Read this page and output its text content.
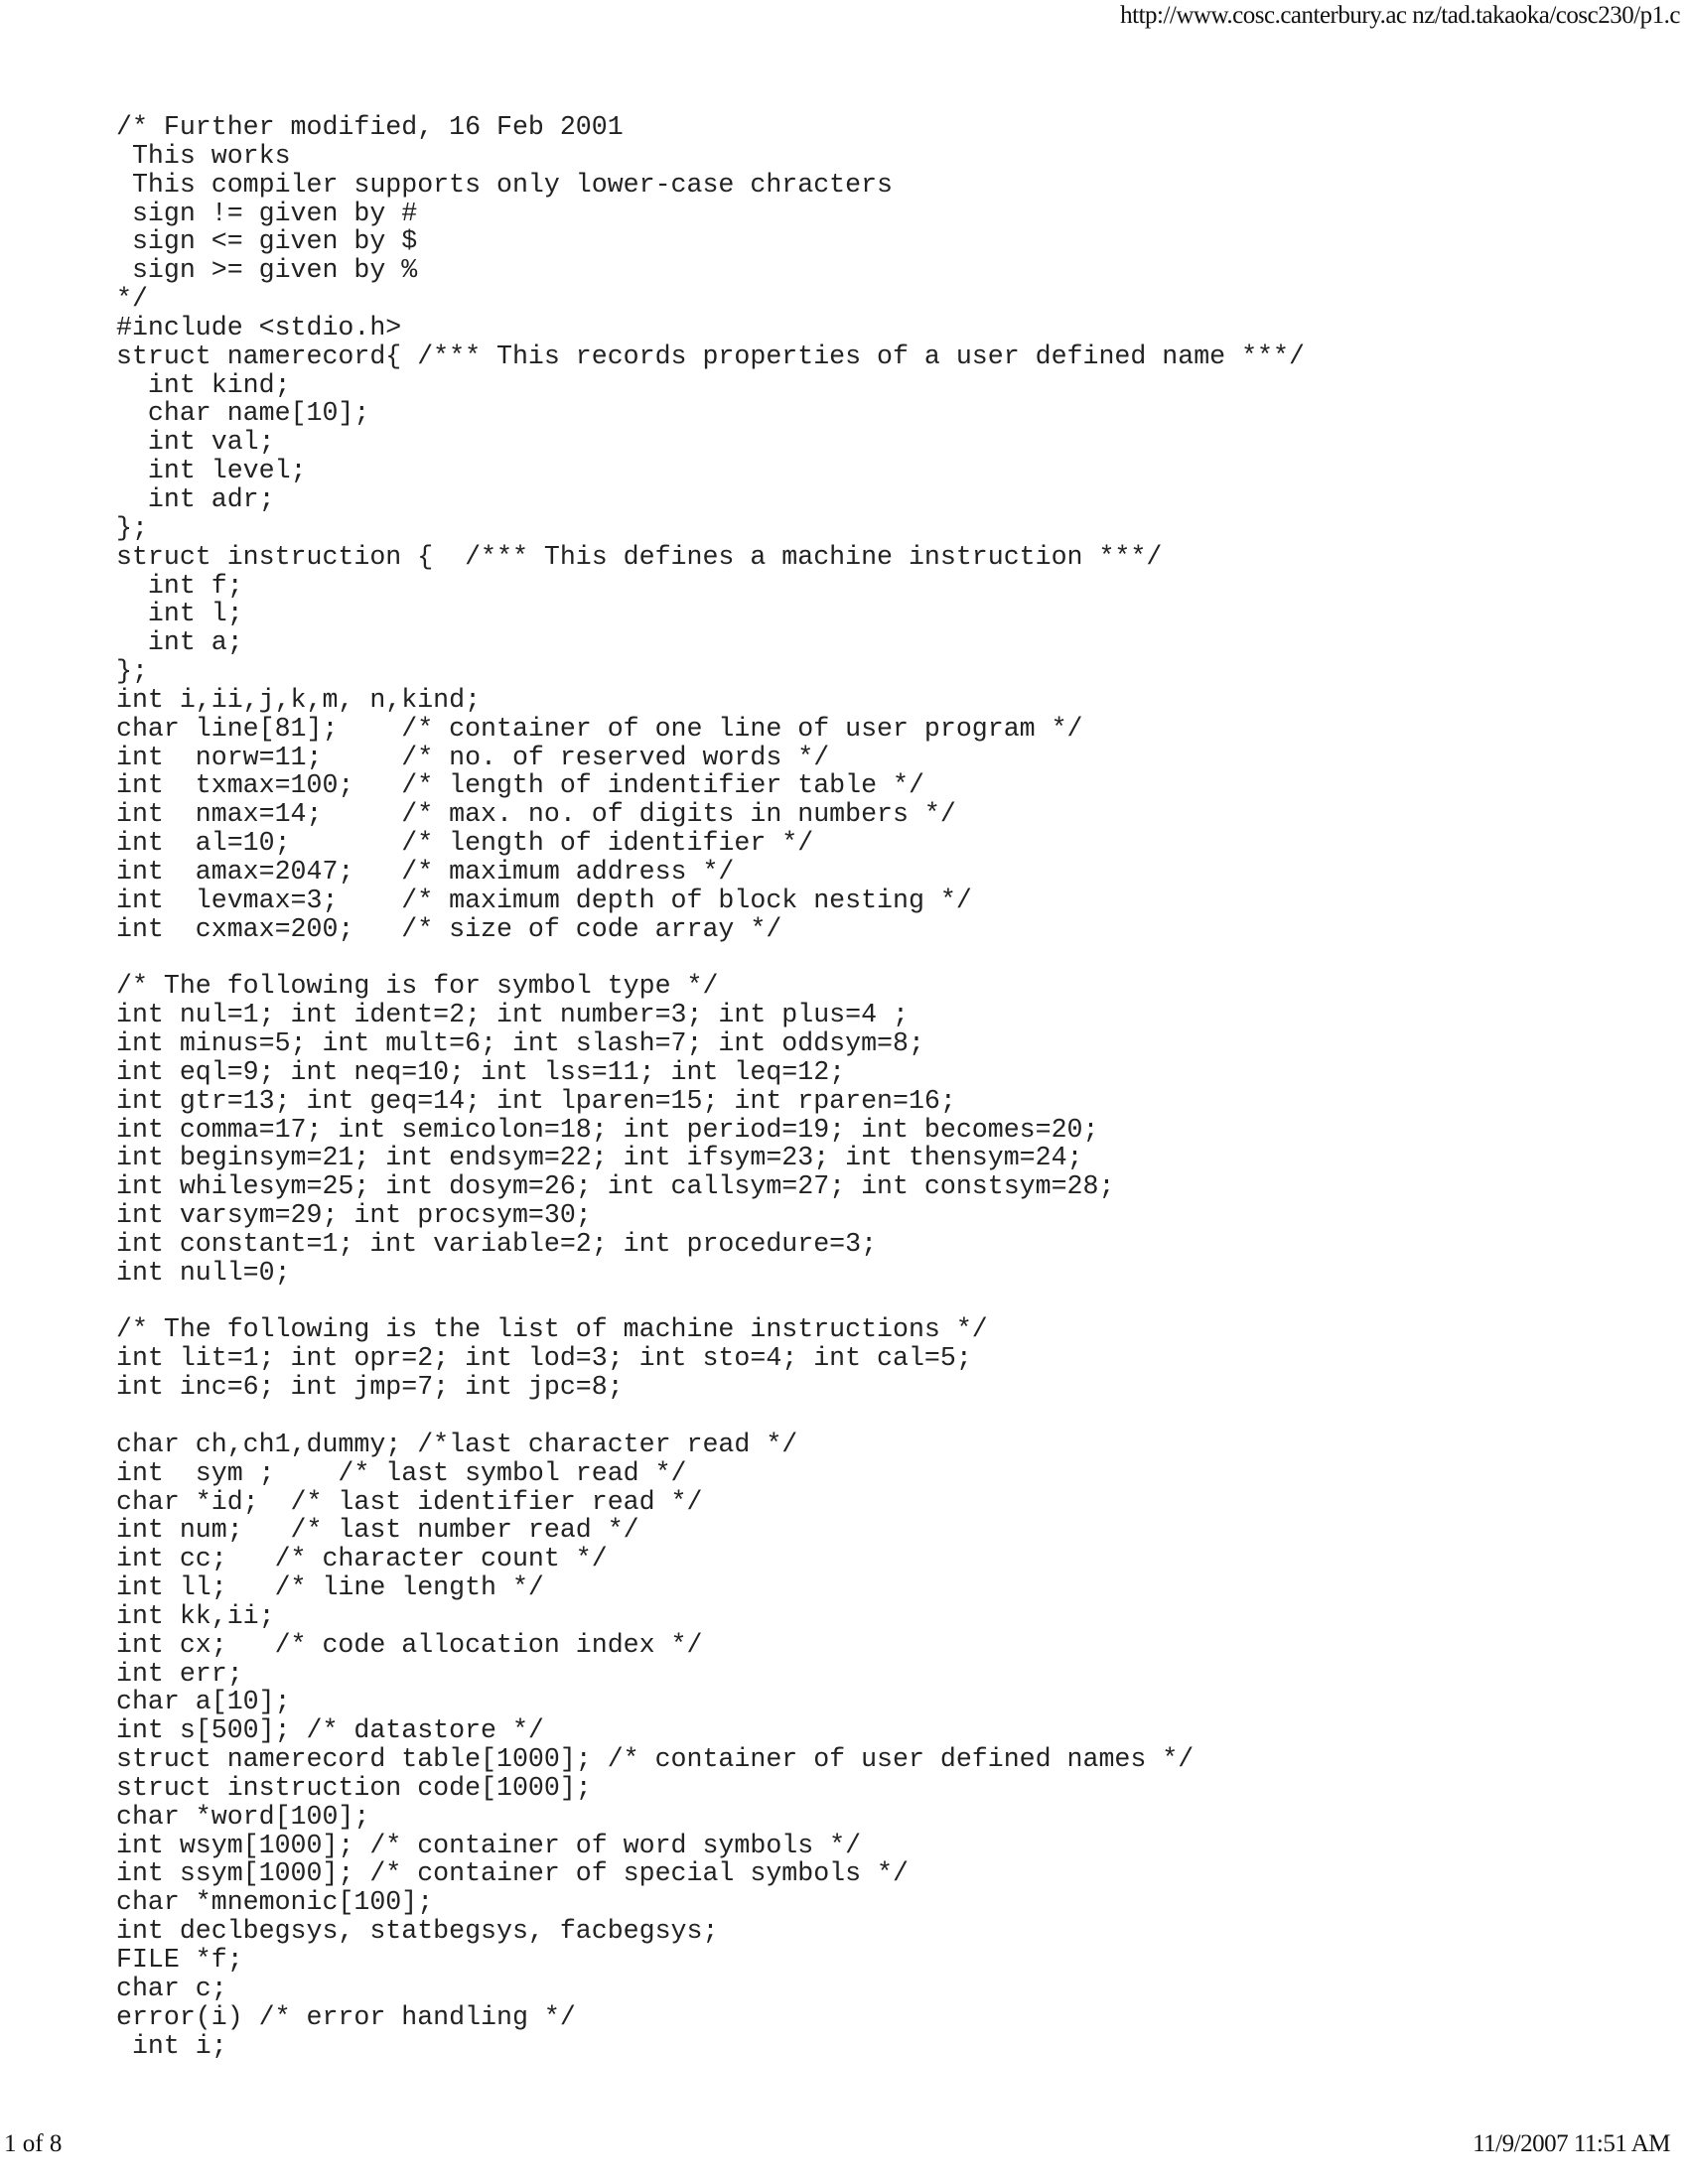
http://www.cosc.canterbury.ac nz/tad.takaoka/cosc230/p1.c
/* Further modified, 16 Feb 2001
This works
This compiler supports only lower-case chracters
sign != given by #
sign <= given by $
sign >= given by %
*/
#include <stdio.h>
struct namerecord{ /*** This records properties of a user defined name ***/
int kind;
char name[10];
int val;
int level;
int adr;
};
struct instruction {  /*** This defines a machine instruction ***/
int f;
int l;
int a;
};
int i,ii,j,k,m, n,kind;
char line[81];    /* container of one line of user program */
int  norw=11;     /* no. of reserved words */
int  txmax=100;   /* length of indentifier table */
int  nmax=14;     /* max. no. of digits in numbers */
int  al=10;       /* length of identifier */
int  amax=2047;   /* maximum address */
int  levmax=3;    /* maximum depth of block nesting */
int  cxmax=200;   /* size of code array */
/* The following is for symbol type */
int nul=1; int ident=2; int number=3; int plus=4 ;
int minus=5; int mult=6; int slash=7; int oddsym=8;
int eql=9; int neq=10; int lss=11; int leq=12;
int gtr=13; int geq=14; int lparen=15; int rparen=16;
int comma=17; int semicolon=18; int period=19; int becomes=20;
int beginsym=21; int endsym=22; int ifsym=23; int thensym=24;
int whilesym=25; int dosym=26; int callsym=27; int constsym=28;
int varsym=29; int procsym=30;
int constant=1; int variable=2; int procedure=3;
int null=0;
/* The following is the list of machine instructions */
int lit=1; int opr=2; int lod=3; int sto=4; int cal=5;
int inc=6; int jmp=7; int jpc=8;
char ch,ch1,dummy; /*last character read */
int  sym ;    /* last symbol read */
char *id;  /* last identifier read */
int num;   /* last number read */
int cc;   /* character count */
int ll;   /* line length */
int kk,ii;
int cx;   /* code allocation index */
int err;
char a[10];
int s[500]; /* datastore */
struct namerecord table[1000]; /* container of user defined names */
struct instruction code[1000];
char *word[100];
int wsym[1000]; /* container of word symbols */
int ssym[1000]; /* container of special symbols */
char *mnemonic[100];
int declbegsys, statbegsys, facbegsys;
FILE *f;
char c;
error(i) /* error handling */
int i;
1 of 8	11/9/2007 11:51 AM
